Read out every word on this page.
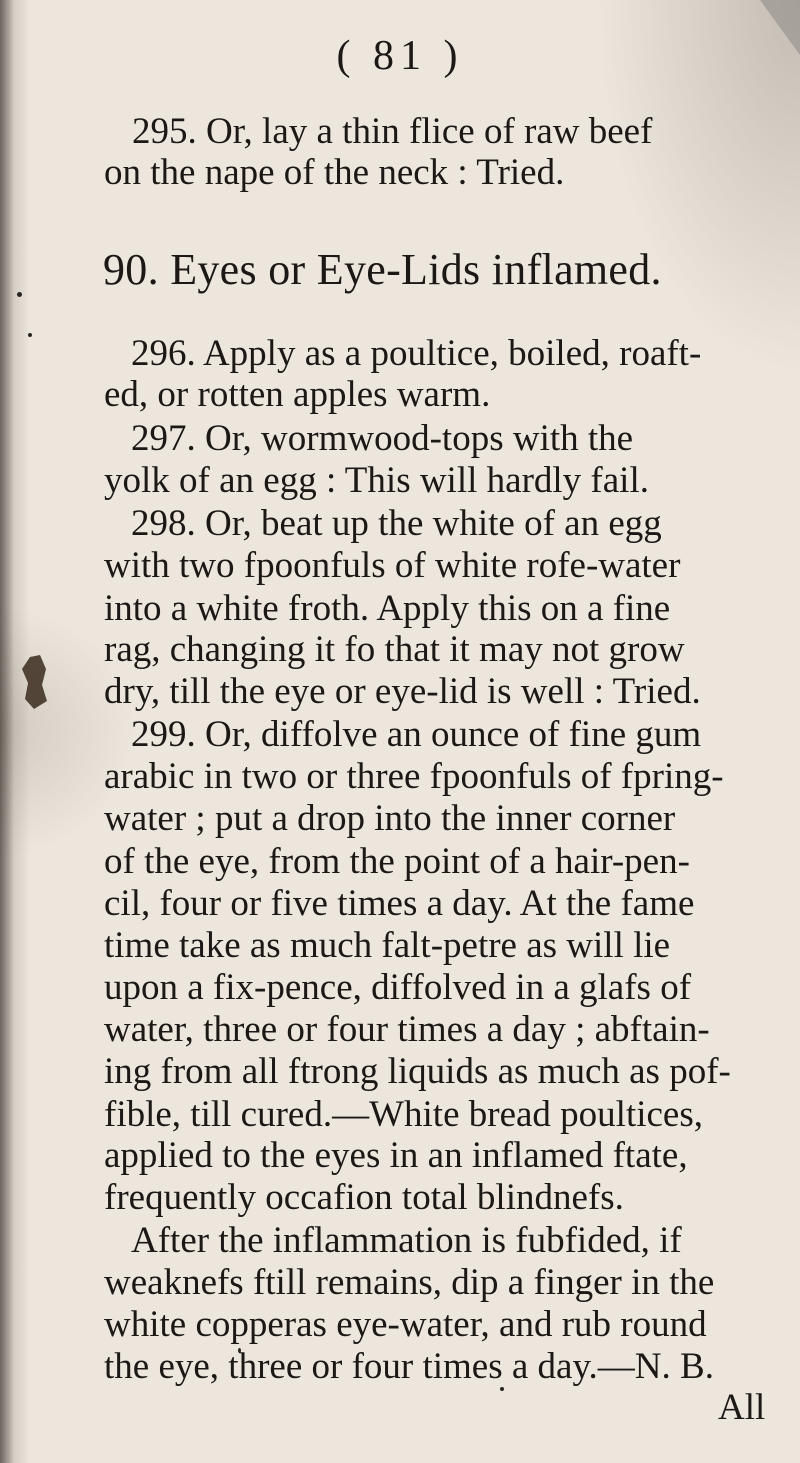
( 81 )
295. Or, lay a thin flice of raw beef
on the nape of the neck : Tried.
90. Eyes or Eye-Lids inflamed.
296. Apply as a poultice, boiled, roaft-
ed, or rotten apples warm.
297. Or, wormwood-tops with the
yolk of an egg : This will hardly fail.
298. Or, beat up the white of an egg
with two fpoonfuls of white rofe-water
into a white froth. Apply this on a fine
rag, changing it fo that it may not grow
dry, till the eye or eye-lid is well : Tried.
299. Or, diffolve an ounce of fine gum
arabic in two or three fpoonfuls of fpring-
water ; put a drop into the inner corner
of the eye, from the point of a hair-pen-
cil, four or five times a day. At the fame
time take as much falt-petre as will lie
upon a fix-pence, diffolved in a glafs of
water, three or four times a day ; abftain-
ing from all ftrong liquids as much as pof-
fible, till cured.—White bread poultices,
applied to the eyes in an inflamed ftate,
frequently occafion total blindnefs.
After the inflammation is fubfided, if
weaknefs ftill remains, dip a finger in the
white copperas eye-water, and rub round
the eye, three or four times a day.—N. B.
All
